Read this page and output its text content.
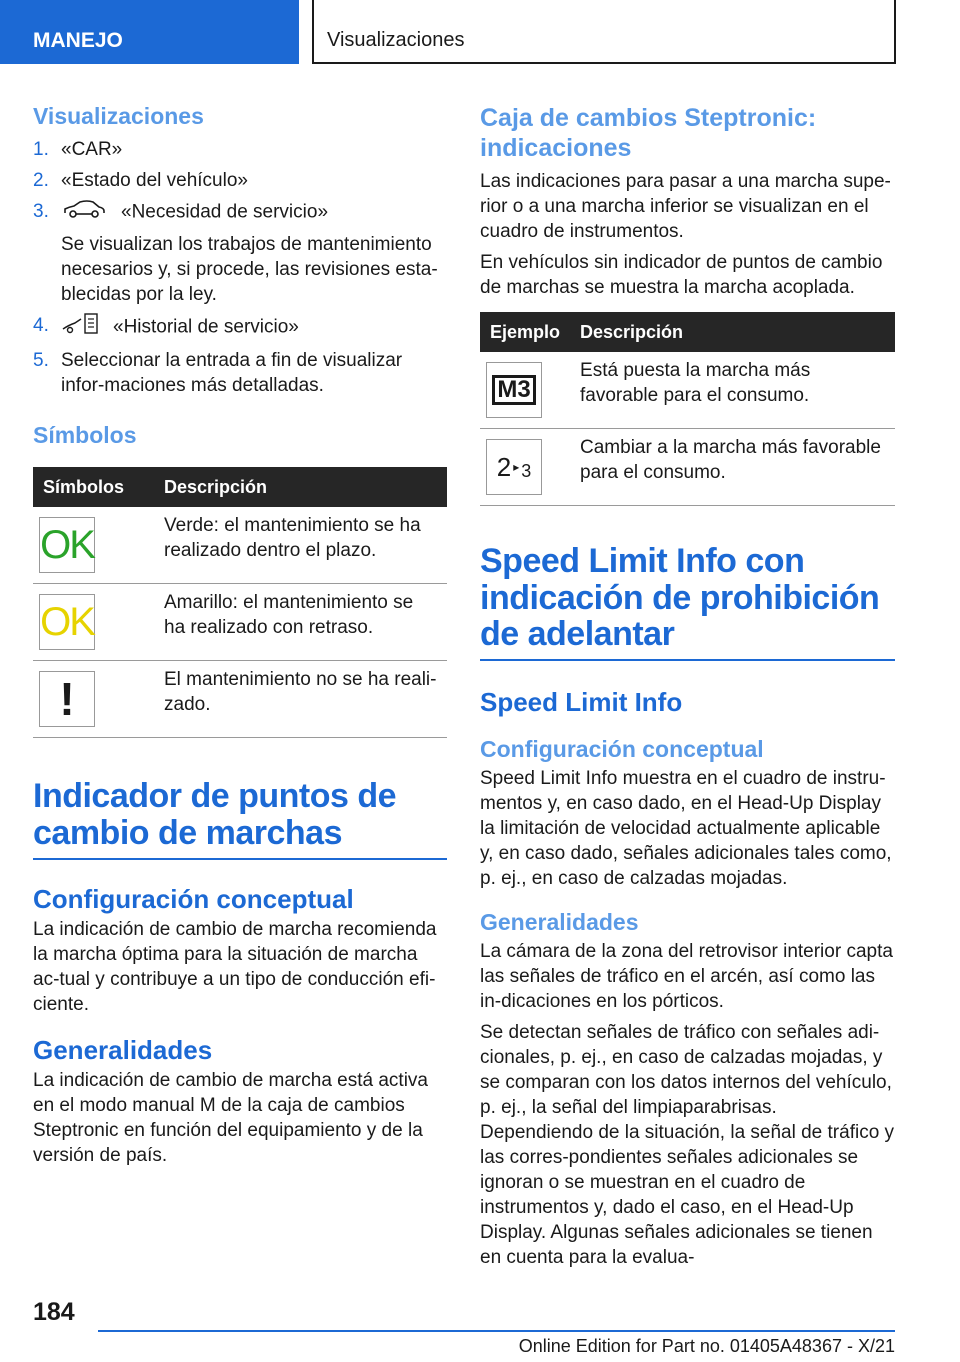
MANEJO	Visualizaciones
Visualizaciones
1. «CAR»
2. «Estado del vehículo»
3.	«Necesidad de servicio»
Se visualizan los trabajos de mantenimiento necesarios y, si procede, las revisiones esta-blecidas por la ley.
4.	«Historial de servicio»
5. Seleccionar la entrada a fin de visualizar infor-maciones más detalladas.
Símbolos
Símbolos	Descripción

OK	Verde: el mantenimiento se ha realizado dentro el plazo.

OK	Amarillo: el mantenimiento se ha realizado con retraso.

!	El mantenimiento no se ha reali-zado.
Indicador de puntos de cambio de marchas
Configuración conceptual

La indicación de cambio de marcha recomienda la marcha óptima para la situación de marcha ac-tual y contribuye a un tipo de conducción efi-ciente.

Generalidades

La indicación de cambio de marcha está activa en el modo manual M de la caja de cambios Steptronic en función del equipamiento y de la versión de país.

Caja de cambios Steptronic: indicaciones

Las indicaciones para pasar a una marcha supe-rior o a una marcha inferior se visualizan en el cuadro de instrumentos.

En vehículos sin indicador de puntos de cambio de marchas se muestra la marcha acoplada.

Ejemplo	Descripción

M3	Está puesta la marcha más favorable para el consumo.

2 ▸ 3	Cambiar a la marcha más favorable para el consumo.
Speed Limit Info con indicación de prohibición de adelantar
Speed Limit Info
Configuración conceptual

Speed Limit Info muestra en el cuadro de instru-mentos y, en caso dado, en el Head-Up Display la limitación de velocidad actualmente aplicable y, en caso dado, señales adicionales tales como, p. ej., en caso de calzadas mojadas.

Generalidades

La cámara de la zona del retrovisor interior capta las señales de tráfico en el arcén, así como las in-dicaciones en los pórticos.

Se detectan señales de tráfico con señales adi-cionales, p. ej., en caso de calzadas mojadas, y se comparan con los datos internos del vehículo, p. ej., la señal del limpiaparabrisas. Dependiendo de la situación, la señal de tráfico y las corres-pondientes señales adicionales se ignoran o se muestran en el cuadro de instrumentos y, dado el caso, en el Head-Up Display. Algunas señales adicionales se tienen en cuenta para la evalua-

184
Online Edition for Part no. 01405A48367 - X/21
